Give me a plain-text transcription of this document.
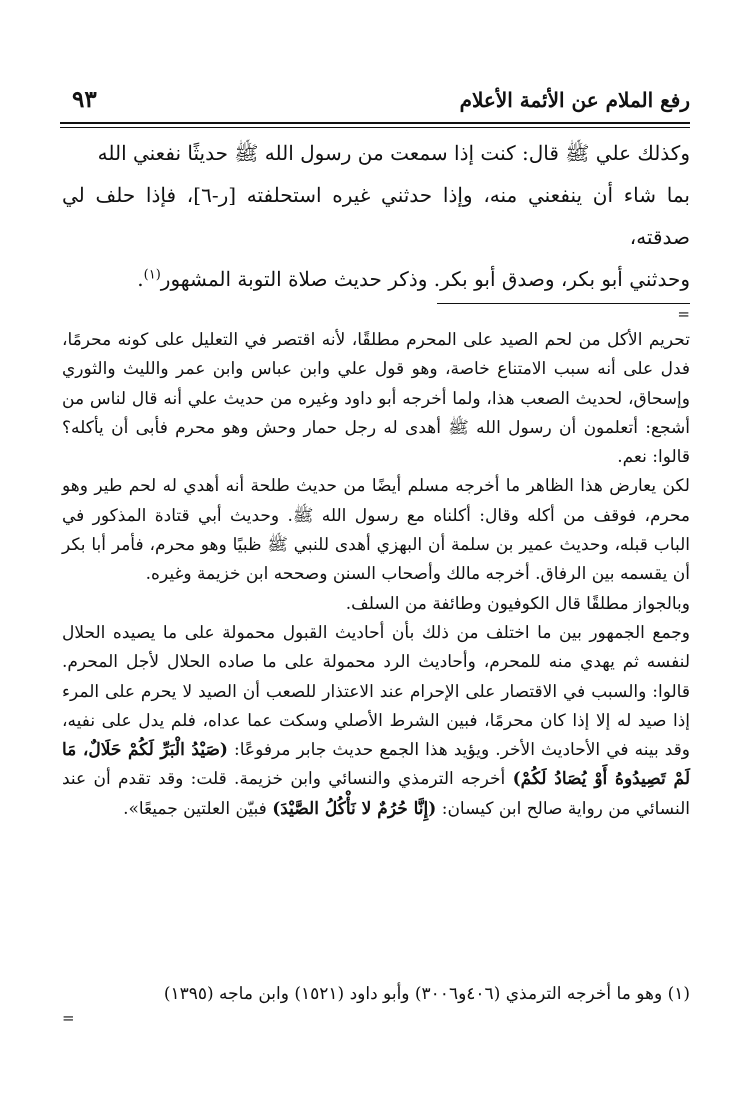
رفع الملام عن الأئمة الأعلام
٩٣

وكذلك علي ﷺ قال: كنت إذا سمعت من رسول الله ﷺ حديثًا نفعني الله

بما شاء أن ينفعني منه، وإذا حدثني غيره استحلفته [ر-٦]، فإذا حلف لي صدقته،

وحدثني أبو بكر، وصدق أبو بكر. وذكر حديث صلاة التوبة المشهور$^{(١)}$.

=

تحريم الأكل من لحم الصيد على المحرم مطلقًا، لأنه اقتصر في التعليل على كونه محرمًا، فدل على أنه سبب الامتناع خاصة، وهو قول علي وابن عباس وابن عمر والليث والثوري وإسحاق، لحديث الصعب هذا، ولما أخرجه أبو داود وغيره من حديث علي أنه قال لناس من أشجع: أتعلمون أن رسول الله ﷺ أهدى له رجل حمار وحش وهو محرم فأبى أن يأكله؟ قالوا: نعم.

لكن يعارض هذا الظاهر ما أخرجه مسلم أيضًا من حديث طلحة أنه أهدي له لحم طير وهو محرم، فوقف من أكله وقال: أكلناه مع رسول الله ﷺ. وحديث أبي قتادة المذكور في الباب قبله، وحديث عمير بن سلمة أن البهزي أهدى للنبي ﷺ ظبيًا وهو محرم، فأمر أبا بكر أن يقسمه بين الرفاق. أخرجه مالك وأصحاب السنن وصححه ابن خزيمة وغيره.

وبالجواز مطلقًا قال الكوفيون وطائفة من السلف.

وجمع الجمهور بين ما اختلف من ذلك بأن أحاديث القبول محمولة على ما يصيده الحلال لنفسه ثم يهدي منه للمحرم، وأحاديث الرد محمولة على ما صاده الحلال لأجل المحرم. قالوا: والسبب في الاقتصار على الإحرام عند الاعتذار للصعب أن الصيد لا يحرم على المرء إذا صيد له إلا إذا كان محرمًا، فبين الشرط الأصلي وسكت عما عداه، فلم يدل على نفيه، وقد بينه في الأحاديث الأخر. ويؤيد هذا الجمع حديث جابر مرفوعًا: (صَيْدُ الْبَرِّ لَكُمْ حَلَالٌ، مَا لَمْ تَصِيدُوهُ أَوْ يُصَادُ لَكُمْ) أخرجه الترمذي والنسائي وابن خزيمة. قلت: وقد تقدم أن عند النسائي من رواية صالح ابن كيسان: (إِنَّا حُرُمٌ لا نَأْكُلُ الصَّيْدَ) فبيّن العلتين جميعًا».

(١) وهو ما أخرجه الترمذي (٤٠٦و٣٠٠٦) وأبو داود (١٥٢١) وابن ماجه (١٣٩٥)
=
